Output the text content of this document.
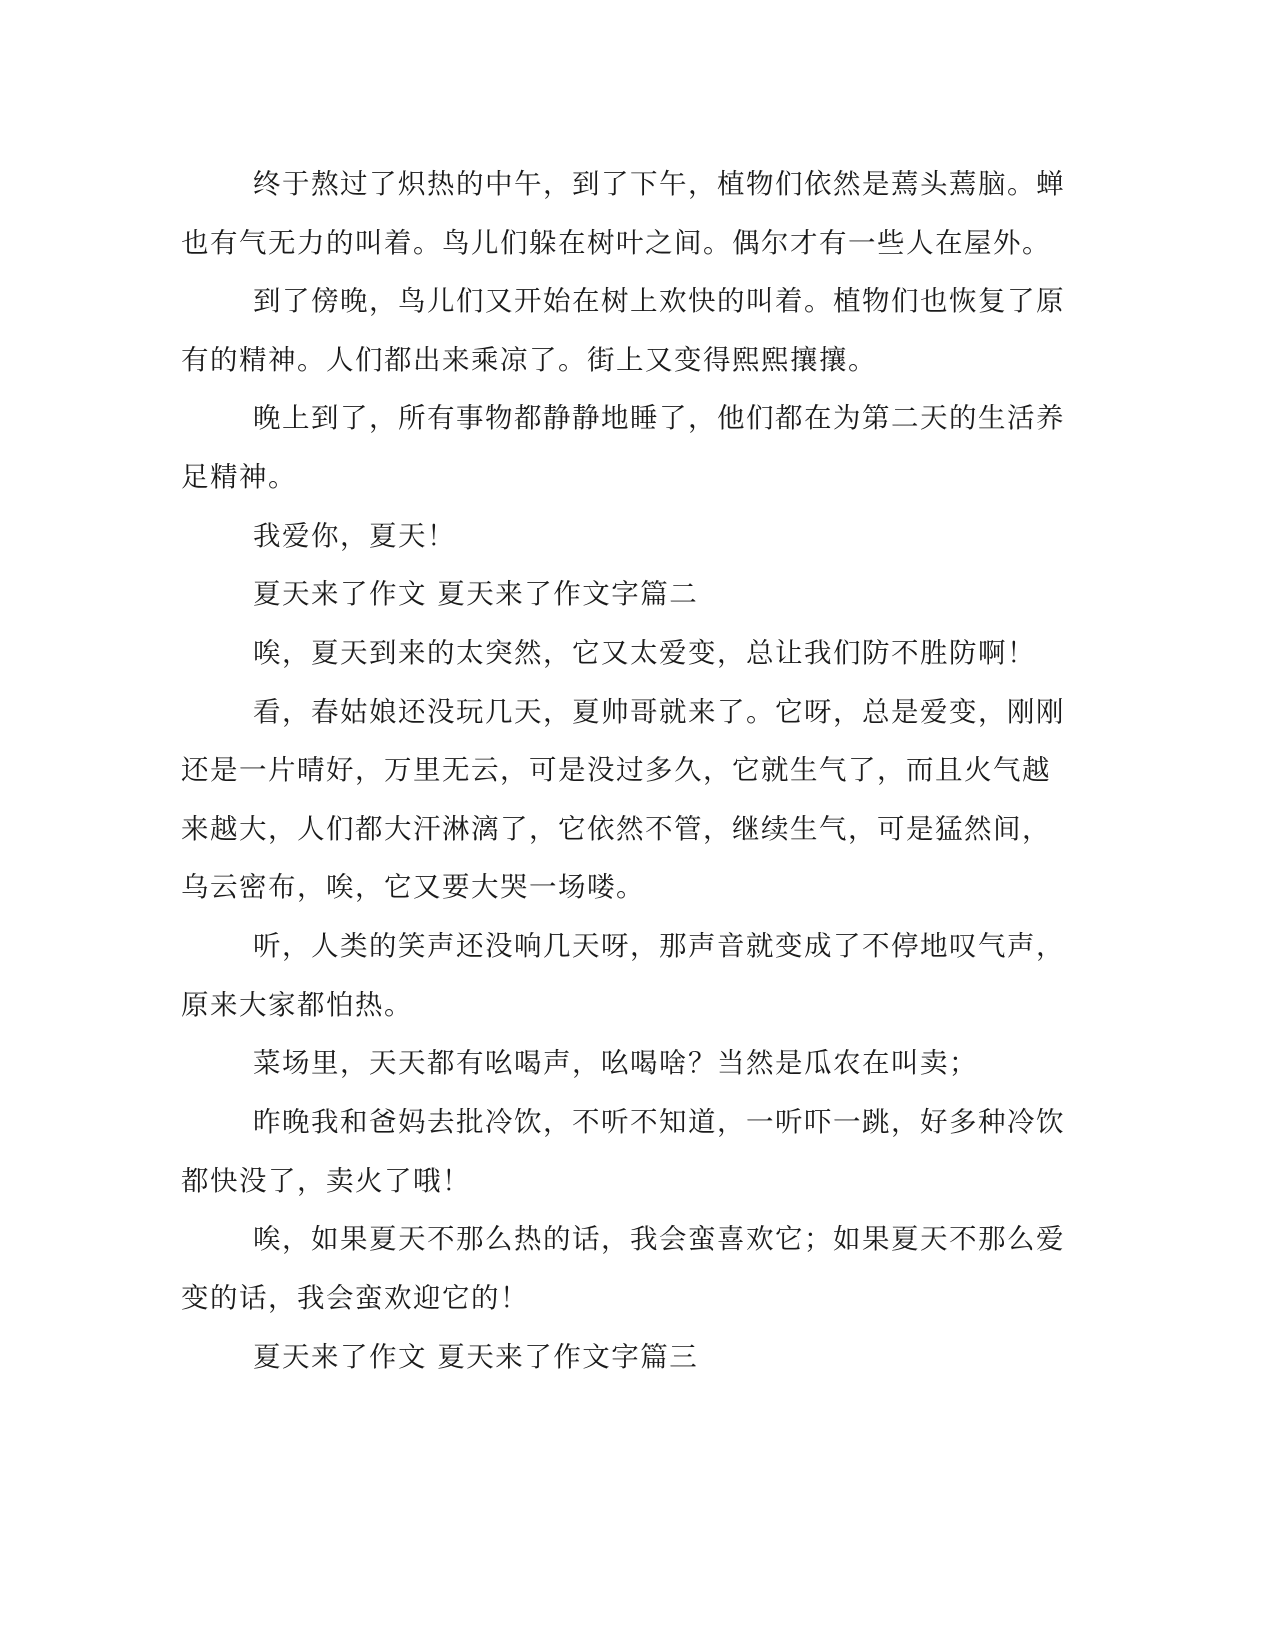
终于熬过了炽热的中午，到了下午，植物们依然是蔫头蔫脑。蝉
也有气无力的叫着。鸟儿们躲在树叶之间。偶尔才有一些人在屋外。
到了傍晚，鸟儿们又开始在树上欢快的叫着。植物们也恢复了原
有的精神。人们都出来乘凉了。街上又变得熙熙攘攘。
晚上到了，所有事物都静静地睡了，他们都在为第二天的生活养
足精神。
我爱你，夏天！
夏天来了作文 夏天来了作文字篇二
唉，夏天到来的太突然，它又太爱变，总让我们防不胜防啊！
看，春姑娘还没玩几天，夏帅哥就来了。它呀，总是爱变，刚刚
还是一片晴好，万里无云，可是没过多久，它就生气了，而且火气越
来越大，人们都大汗淋漓了，它依然不管，继续生气，可是猛然间，
乌云密布，唉，它又要大哭一场喽。
听，人类的笑声还没响几天呀，那声音就变成了不停地叹气声，
原来大家都怕热。
菜场里，天天都有吆喝声，吆喝啥？当然是瓜农在叫卖；
昨晚我和爸妈去批冷饮，不听不知道，一听吓一跳，好多种冷饮
都快没了，卖火了哦！
唉，如果夏天不那么热的话，我会蛮喜欢它；如果夏天不那么爱
变的话，我会蛮欢迎它的！
夏天来了作文 夏天来了作文字篇三
